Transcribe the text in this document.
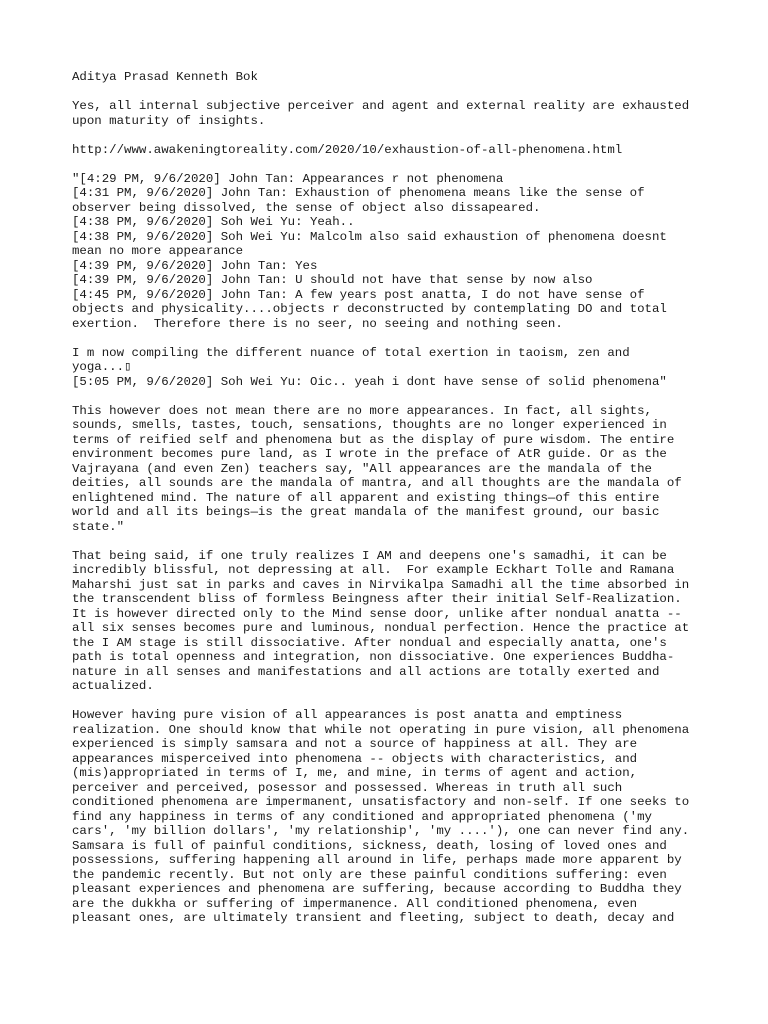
Aditya Prasad Kenneth Bok
Yes, all internal subjective perceiver and agent and external reality are exhausted
upon maturity of insights.
http://www.awakeningtoreality.com/2020/10/exhaustion-of-all-phenomena.html
"[4:29 PM, 9/6/2020] John Tan: Appearances r not phenomena
[4:31 PM, 9/6/2020] John Tan: Exhaustion of phenomena means like the sense of
observer being dissolved, the sense of object also dissapeared.
[4:38 PM, 9/6/2020] Soh Wei Yu: Yeah..
[4:38 PM, 9/6/2020] Soh Wei Yu: Malcolm also said exhaustion of phenomena doesnt
mean no more appearance
[4:39 PM, 9/6/2020] John Tan: Yes
[4:39 PM, 9/6/2020] John Tan: U should not have that sense by now also
[4:45 PM, 9/6/2020] John Tan: A few years post anatta, I do not have sense of
objects and physicality....objects r deconstructed by contemplating DO and total
exertion.  Therefore there is no seer, no seeing and nothing seen.
I m now compiling the different nuance of total exertion in taoism, zen and
yoga...▯
[5:05 PM, 9/6/2020] Soh Wei Yu: Oic.. yeah i dont have sense of solid phenomena"
This however does not mean there are no more appearances. In fact, all sights,
sounds, smells, tastes, touch, sensations, thoughts are no longer experienced in
terms of reified self and phenomena but as the display of pure wisdom. The entire
environment becomes pure land, as I wrote in the preface of AtR guide. Or as the
Vajrayana (and even Zen) teachers say, "All appearances are the mandala of the
deities, all sounds are the mandala of mantra, and all thoughts are the mandala of
enlightened mind. The nature of all apparent and existing things—of this entire
world and all its beings—is the great mandala of the manifest ground, our basic
state."
That being said, if one truly realizes I AM and deepens one's samadhi, it can be
incredibly blissful, not depressing at all.  For example Eckhart Tolle and Ramana
Maharshi just sat in parks and caves in Nirvikalpa Samadhi all the time absorbed in
the transcendent bliss of formless Beingness after their initial Self-Realization.
It is however directed only to the Mind sense door, unlike after nondual anatta --
all six senses becomes pure and luminous, nondual perfection. Hence the practice at
the I AM stage is still dissociative. After nondual and especially anatta, one's
path is total openness and integration, non dissociative. One experiences Buddha-
nature in all senses and manifestations and all actions are totally exerted and
actualized.
However having pure vision of all appearances is post anatta and emptiness
realization. One should know that while not operating in pure vision, all phenomena
experienced is simply samsara and not a source of happiness at all. They are
appearances misperceived into phenomena -- objects with characteristics, and
(mis)appropriated in terms of I, me, and mine, in terms of agent and action,
perceiver and perceived, posessor and possessed. Whereas in truth all such
conditioned phenomena are impermanent, unsatisfactory and non-self. If one seeks to
find any happiness in terms of any conditioned and appropriated phenomena ('my
cars', 'my billion dollars', 'my relationship', 'my ....'), one can never find any.
Samsara is full of painful conditions, sickness, death, losing of loved ones and
possessions, suffering happening all around in life, perhaps made more apparent by
the pandemic recently. But not only are these painful conditions suffering: even
pleasant experiences and phenomena are suffering, because according to Buddha they
are the dukkha or suffering of impermanence. All conditioned phenomena, even
pleasant ones, are ultimately transient and fleeting, subject to death, decay and
